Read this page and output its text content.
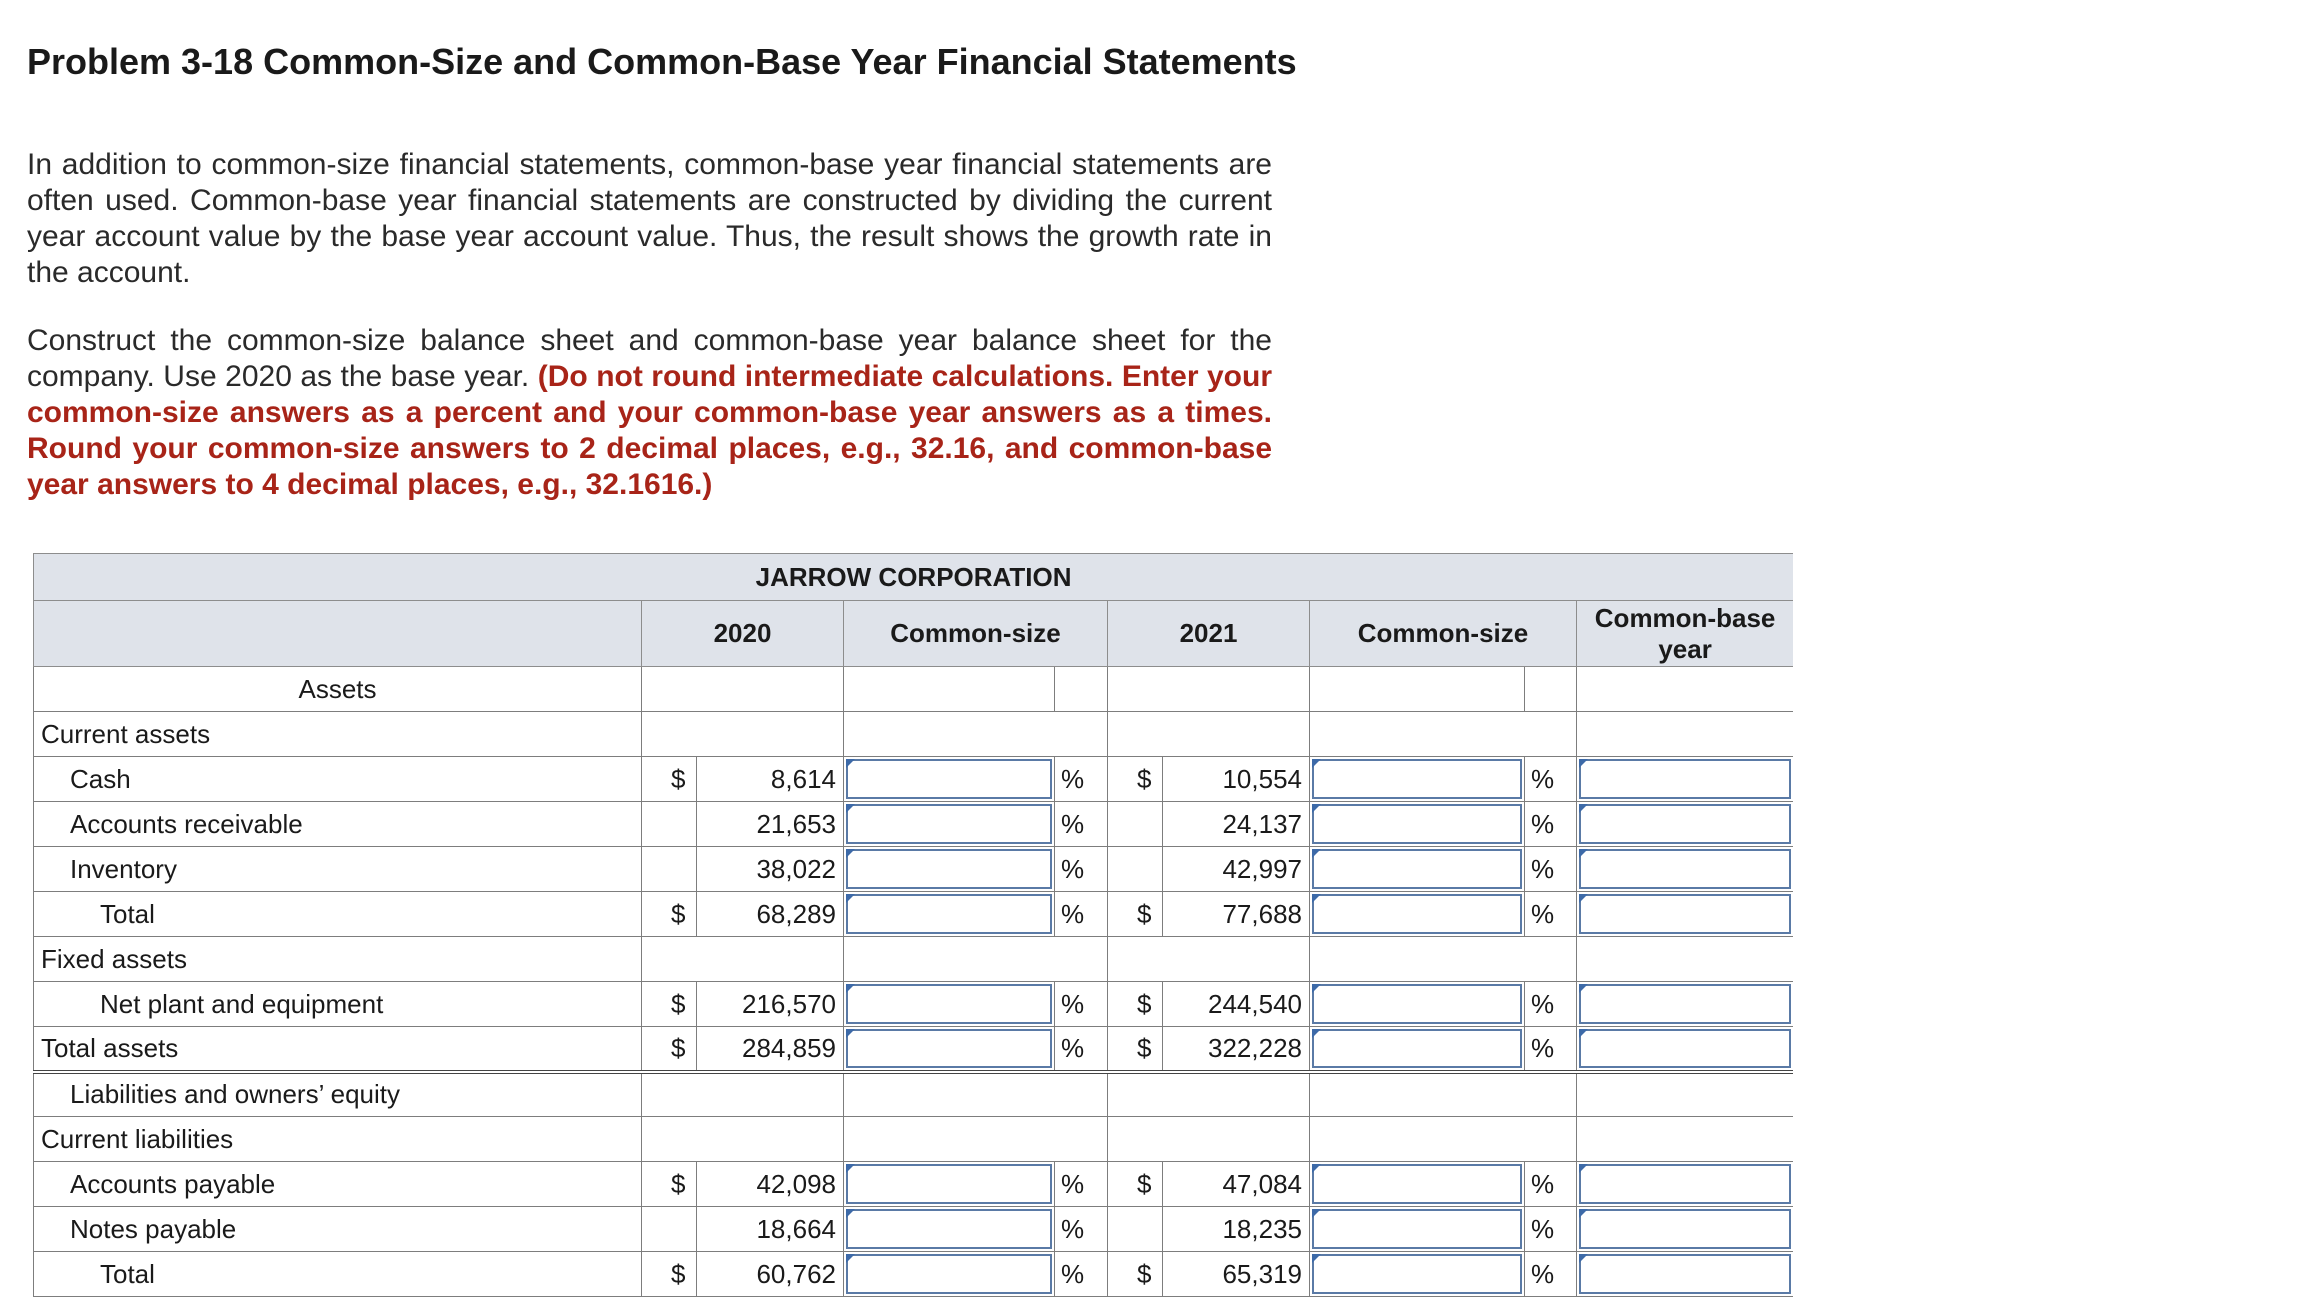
Problem 3-18 Common-Size and Common-Base Year Financial Statements
In addition to common-size financial statements, common-base year financial statements are often used. Common-base year financial statements are constructed by dividing the current year account value by the base year account value. Thus, the result shows the growth rate in the account.
Construct the common-size balance sheet and common-base year balance sheet for the company. Use 2020 as the base year. (Do not round intermediate calculations. Enter your common-size answers as a percent and your common-base year answers as a times. Round your common-size answers to 2 decimal places, e.g., 32.16, and common-base year answers to 4 decimal places, e.g., 32.1616.)
JARROW CORPORATION									
	2020		Common-size		2021		Common-size		Common-base year
Assets									
Current assets									
Cash	$	8,614		%	$	10,554		%	

Accounts receivable		21,653		%		24,137		%	

Inventory		38,022		%		42,997		%	

Total	$	68,289		%	$	77,688		%	

Fixed assets									
Net plant and equipment	$	216,570		%	$	244,540		%	

Total assets	$	284,859		%	$	322,228		%	

Liabilities and owners’ equity									
Current liabilities									
Accounts payable	$	42,098		%	$	47,084		%	

Notes payable		18,664		%		18,235		%	

Total	$	60,762		%	$	65,319		%	
